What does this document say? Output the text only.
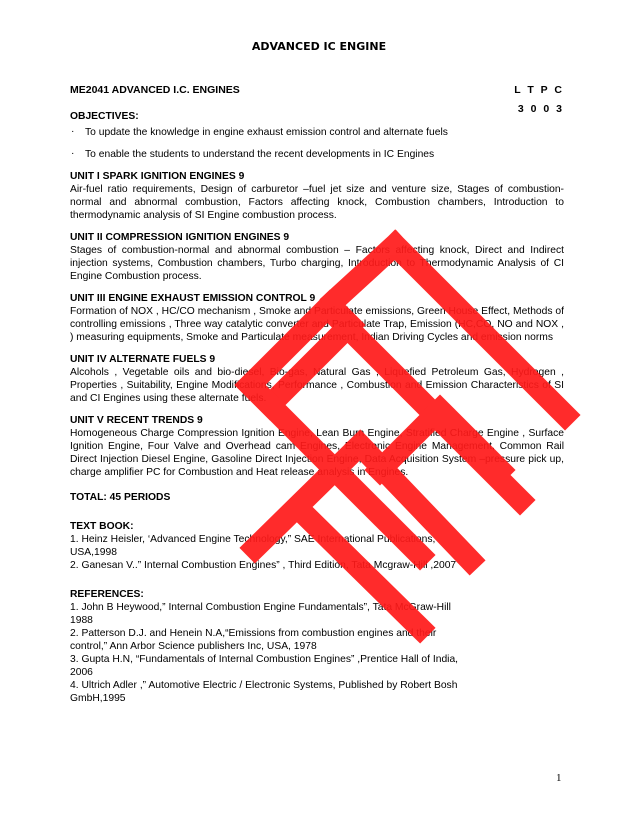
ADVANCED IC ENGINE
ME2041 ADVANCED I.C. ENGINES	L T P C
3 0 0 3

OBJECTIVES:

· To update the knowledge in engine exhaust emission control and alternate fuels
· To enable the students to understand the recent developments in IC Engines
UNIT I SPARK IGNITION ENGINES 9

Air-fuel ratio requirements, Design of carburetor –fuel jet size and venture size, Stages of combustion-normal and abnormal combustion, Factors affecting knock, Combustion chambers, Introduction to thermodynamic analysis of SI Engine combustion process.

UNIT II COMPRESSION IGNITION ENGINES 9

Stages of combustion-normal and abnormal combustion – Factors affecting knock, Direct and Indirect injection systems, Combustion chambers, Turbo charging, Introduction to Thermodynamic Analysis of CI Engine Combustion process.

UNIT III ENGINE EXHAUST EMISSION CONTROL 9

Formation of NOX , HC/CO mechanism , Smoke and Particulate emissions, Green House Effect, Methods of controlling emissions , Three way catalytic converter and Particulate Trap, Emission (HC,CO, NO and NOX , ) measuring equipments, Smoke and Particulate measurement, Indian Driving Cycles and emission norms

UNIT IV ALTERNATE FUELS 9

Alcohols , Vegetable oils and bio-diesel, Bio-gas, Natural Gas , Liquefied Petroleum Gas, Hydrogen , Properties , Suitability, Engine Modifications, Performance , Combustion and Emission Characteristics of SI and CI Engines using these alternate fuels.

UNIT V RECENT TRENDS 9

Homogeneous Charge Compression Ignition Engine, Lean Burn Engine, Stratified Charge Engine , Surface Ignition Engine, Four Valve and Overhead cam Engines, Electronic Engine Management, Common Rail Direct Injection Diesel Engine, Gasoline Direct Injection Engine, Data Acquisition System –pressure pick up, charge amplifier PC for Combustion and Heat release analysis in Engines.

TOTAL: 45 PERIODS
TEXT BOOK:
1. Heinz Heisler, ‘Advanced Engine Technology,” SAE International Publications,
USA,1998
2. Ganesan V..” Internal Combustion Engines” , Third Edition, Tata Mcgraw-Hill ,2007
REFERENCES:
1. John B Heywood,” Internal Combustion Engine Fundamentals”, Tata McGraw-Hill
1988
2. Patterson D.J. and Henein N.A,“Emissions from combustion engines and their
control,” Ann Arbor Science publishers Inc, USA, 1978
3. Gupta H.N, “Fundamentals of Internal Combustion Engines” ,Prentice Hall of India,
2006
4. Ultrich Adler ,” Automotive Electric / Electronic Systems, Published by Robert Bosh
GmbH,1995
1
